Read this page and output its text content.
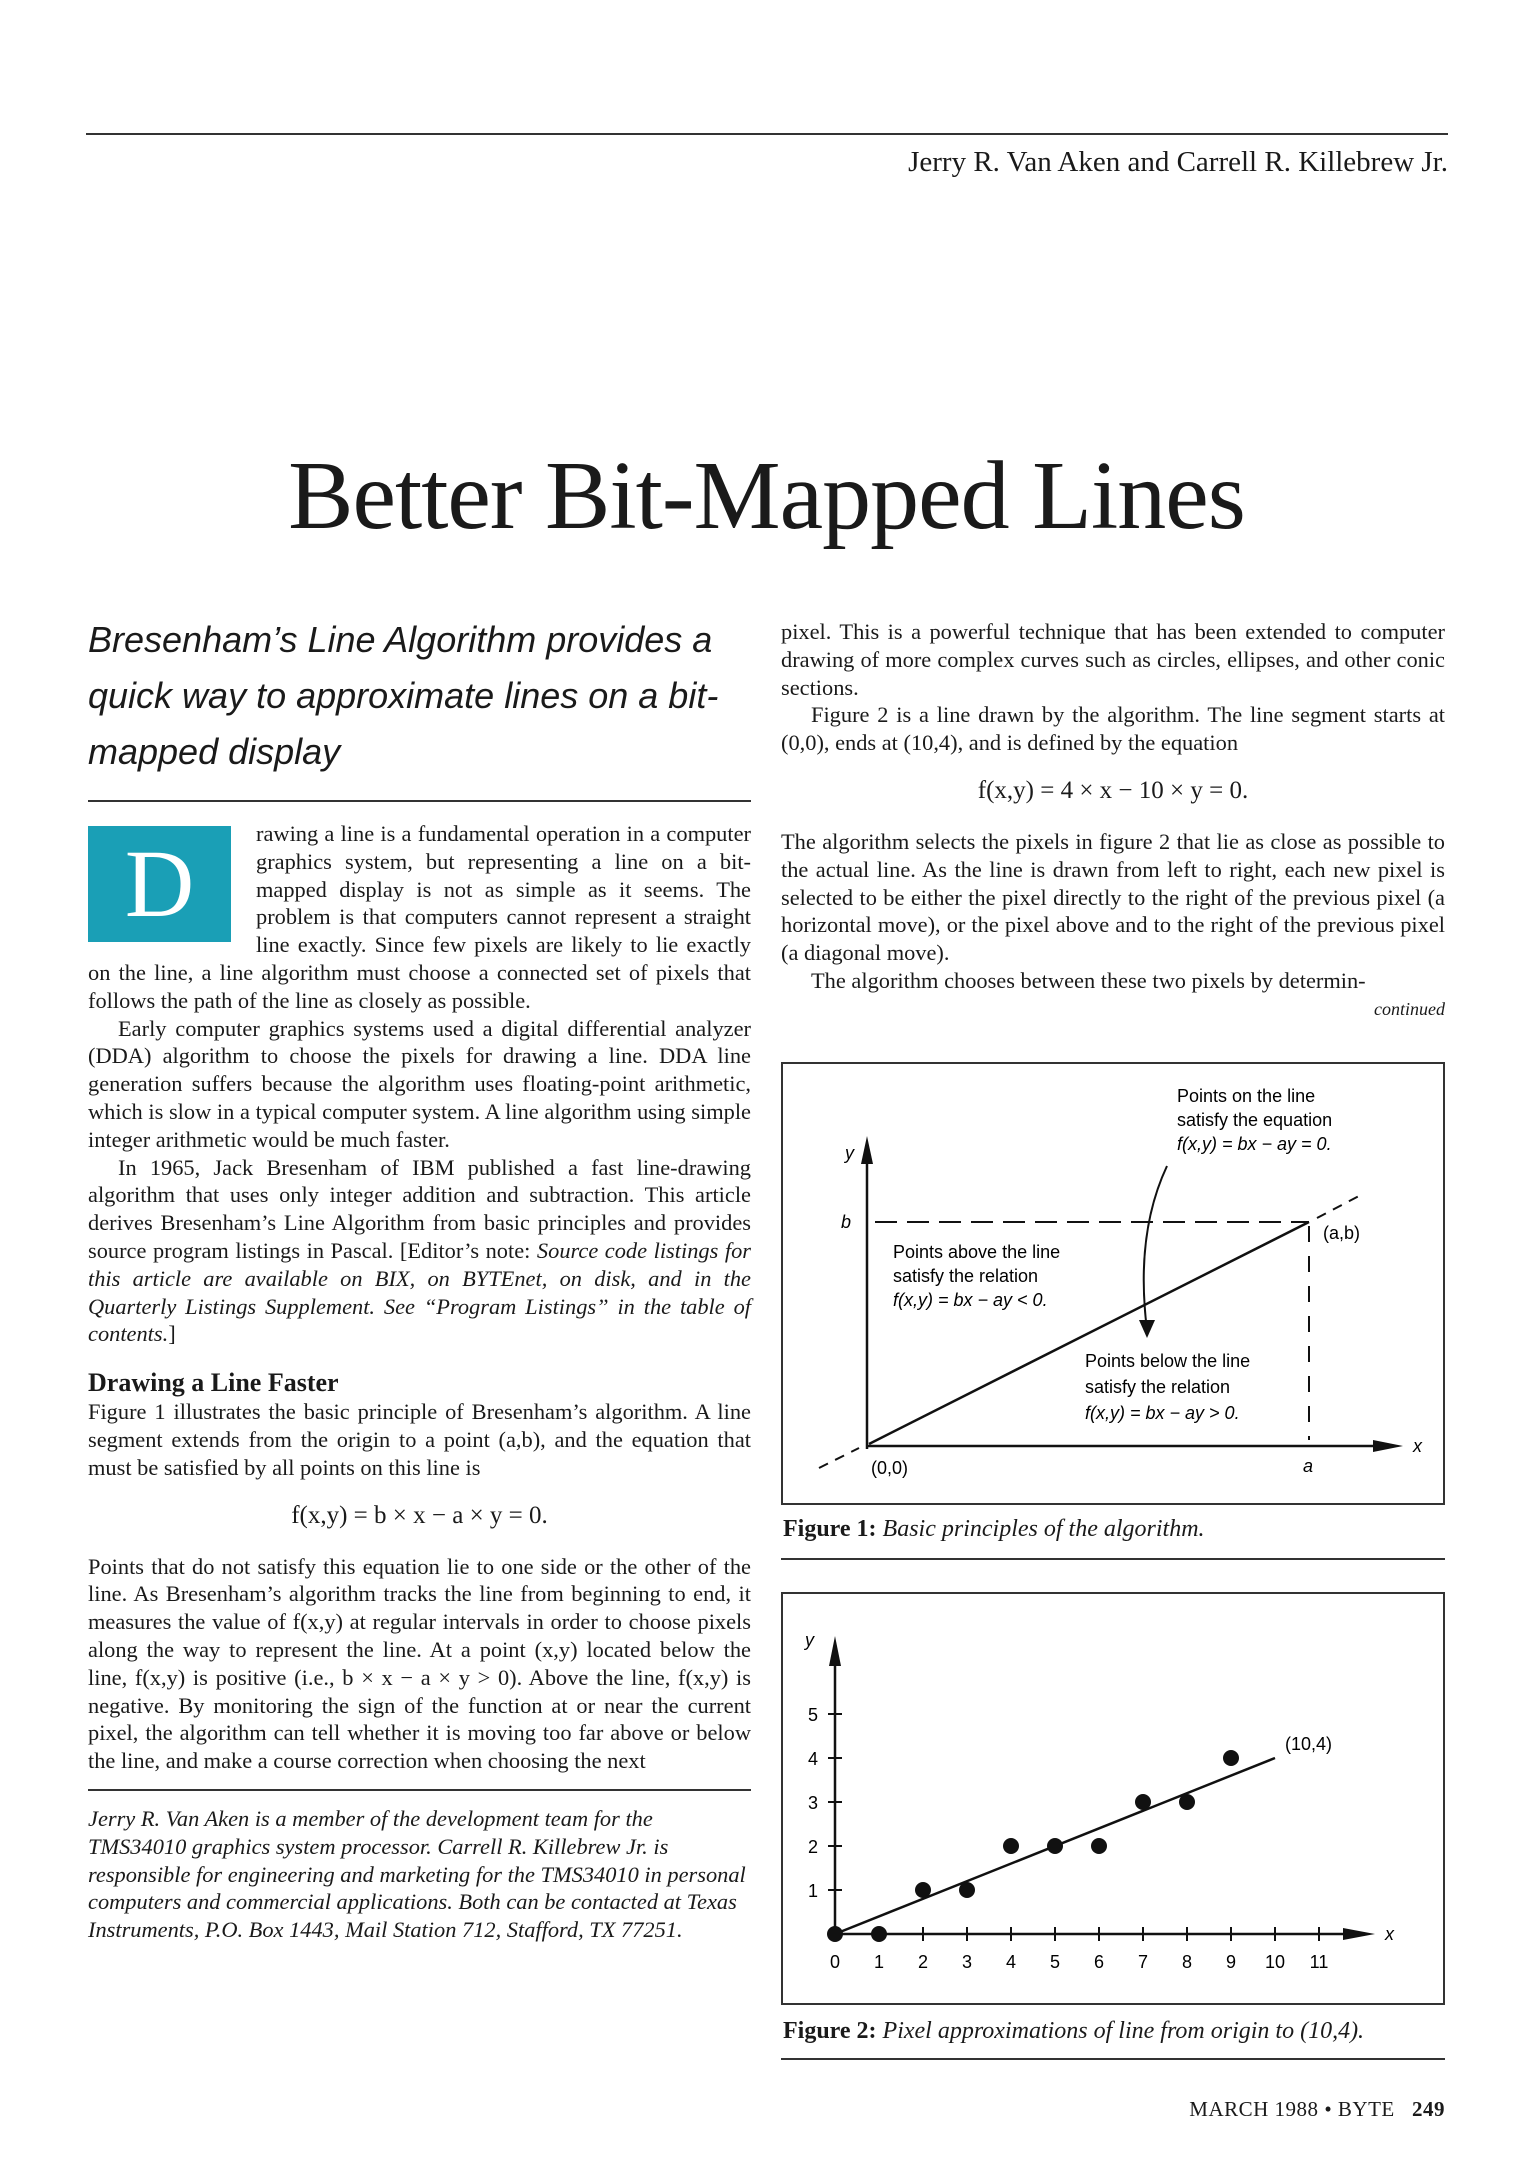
Jerry R. Van Aken and Carrell R. Killebrew Jr.
Better Bit-Mapped Lines
Bresenham’s Line Algorithm provides a quick way to approximate lines on a bit-mapped display
D	rawing a line is a fundamental operation in a computer graphics system, but representing a line on a bit-mapped display is not as simple as it seems. The problem is that computers cannot represent a straight line exactly. Since few pixels are likely to lie exactly on the line, a line algorithm must choose a connected set of pixels that follows the path of the line as closely as possible.
Early computer graphics systems used a digital differential analyzer (DDA) algorithm to choose the pixels for drawing a line. DDA line generation suffers because the algorithm uses floating-point arithmetic, which is slow in a typical computer system. A line algorithm using simple integer arithmetic would be much faster.
In 1965, Jack Bresenham of IBM published a fast line-drawing algorithm that uses only integer addition and subtraction. This article derives Bresenham’s Line Algorithm from basic principles and provides source program listings in Pascal. [Editor’s note: Source code listings for this article are available on BIX, on BYTEnet, on disk, and in the Quarterly Listings Supplement. See “Program Listings” in the table of contents.]
Drawing a Line Faster
Figure 1 illustrates the basic principle of Bresenham’s algorithm. A line segment extends from the origin to a point (a,b), and the equation that must be satisfied by all points on this line is
f(x,y) = b × x − a × y = 0.
Points that do not satisfy this equation lie to one side or the other of the line. As Bresenham’s algorithm tracks the line from beginning to end, it measures the value of f(x,y) at regular intervals in order to choose pixels along the way to represent the line. At a point (x,y) located below the line, f(x,y) is positive (i.e., b × x − a × y > 0). Above the line, f(x,y) is negative. By monitoring the sign of the function at or near the current pixel, the algorithm can tell whether it is moving too far above or below the line, and make a course correction when choosing the next
Jerry R. Van Aken is a member of the development team for the TMS34010 graphics system processor. Carrell R. Killebrew Jr. is responsible for engineering and marketing for the TMS34010 in personal computers and commercial applications. Both can be contacted at Texas Instruments, P.O. Box 1443, Mail Station 712, Stafford, TX 77251.
pixel. This is a powerful technique that has been extended to computer drawing of more complex curves such as circles, ellipses, and other conic sections.
Figure 2 is a line drawn by the algorithm. The line segment starts at (0,0), ends at (10,4), and is defined by the equation
f(x,y) = 4 × x − 10 × y = 0.
The algorithm selects the pixels in figure 2 that lie as close as possible to the actual line. As the line is drawn from left to right, each new pixel is selected to be either the pixel directly to the right of the previous pixel (a horizontal move), or the pixel above and to the right of the previous pixel (a diagonal move).
The algorithm chooses between these two pixels by determin-
continued
y
x
b
a
(0,0)
(a,b)
Points on the line
satisfy the equation
f(x,y) = bx − ay = 0.
Points above the line
satisfy the relation
f(x,y) = bx − ay < 0.
Points below the line
satisfy the relation
f(x,y) = bx − ay > 0.
Figure 1: Basic principles of the algorithm.
y
x
0 1 2 3 4 5 6 7 8 9 10 11
1
2
3
4
5
(10,4)
Figure 2: Pixel approximations of line from origin to (10,4).
MARCH 1988 • BYTE 249
